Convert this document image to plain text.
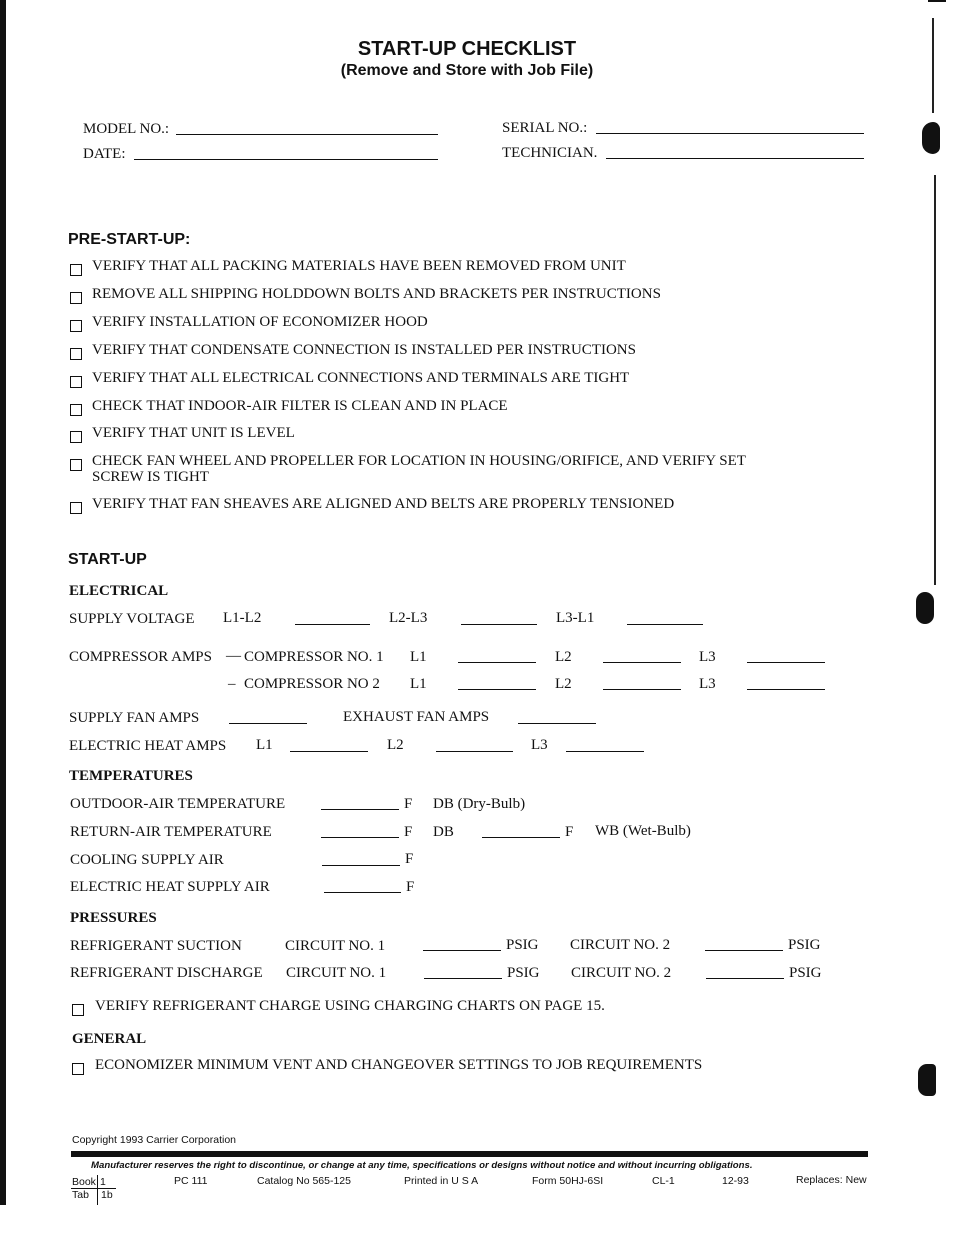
START-UP CHECKLIST
(Remove and Store with Job File)
MODEL NO.:	SERIAL NO.:
DATE:	TECHNICIAN.
PRE-START-UP:
VERIFY THAT ALL PACKING MATERIALS HAVE BEEN REMOVED FROM UNIT
REMOVE ALL SHIPPING HOLDDOWN BOLTS AND BRACKETS PER INSTRUCTIONS
VERIFY INSTALLATION OF ECONOMIZER HOOD
VERIFY THAT CONDENSATE CONNECTION IS INSTALLED PER INSTRUCTIONS
VERIFY THAT ALL ELECTRICAL CONNECTIONS AND TERMINALS ARE TIGHT
CHECK THAT INDOOR-AIR FILTER IS CLEAN AND IN PLACE
VERIFY THAT UNIT IS LEVEL
CHECK FAN WHEEL AND PROPELLER FOR LOCATION IN HOUSING/ORIFICE, AND VERIFY SET
SCREW IS TIGHT
VERIFY THAT FAN SHEAVES ARE ALIGNED AND BELTS ARE PROPERLY TENSIONED
START-UP
ELECTRICAL
SUPPLY VOLTAGE L1-L2	L2-L3	L3-L1
COMPRESSOR AMPS — COMPRESSOR NO. 1 L1	L2	L3
– COMPRESSOR NO 2 L1	L2	L3
SUPPLY FAN AMPS	EXHAUST FAN AMPS
ELECTRIC HEAT AMPS L1	L2	L3
TEMPERATURES
OUTDOOR-AIR TEMPERATURE	F DB (Dry-Bulb)
RETURN-AIR TEMPERATURE	F DB	F WB (Wet-Bulb)
COOLING SUPPLY AIR	F
ELECTRIC HEAT SUPPLY AIR	F
PRESSURES
REFRIGERANT SUCTION	CIRCUIT NO. 1	PSIG CIRCUIT NO. 2	PSIG
REFRIGERANT DISCHARGE CIRCUIT NO. 1	PSIG CIRCUIT NO. 2	PSIG
VERIFY REFRIGERANT CHARGE USING CHARGING CHARTS ON PAGE 15.
GENERAL
ECONOMIZER MINIMUM VENT AND CHANGEOVER SETTINGS TO JOB REQUIREMENTS
Copyright 1993 Carrier Corporation
Manufacturer reserves the right to discontinue, or change at any time, specifications or designs without notice and without incurring obligations.
Book 1
Tab 1b
PC 111	Catalog No 565-125	Printed in U S A	Form 50HJ-6SI	CL-1	12-93	Replaces: New
